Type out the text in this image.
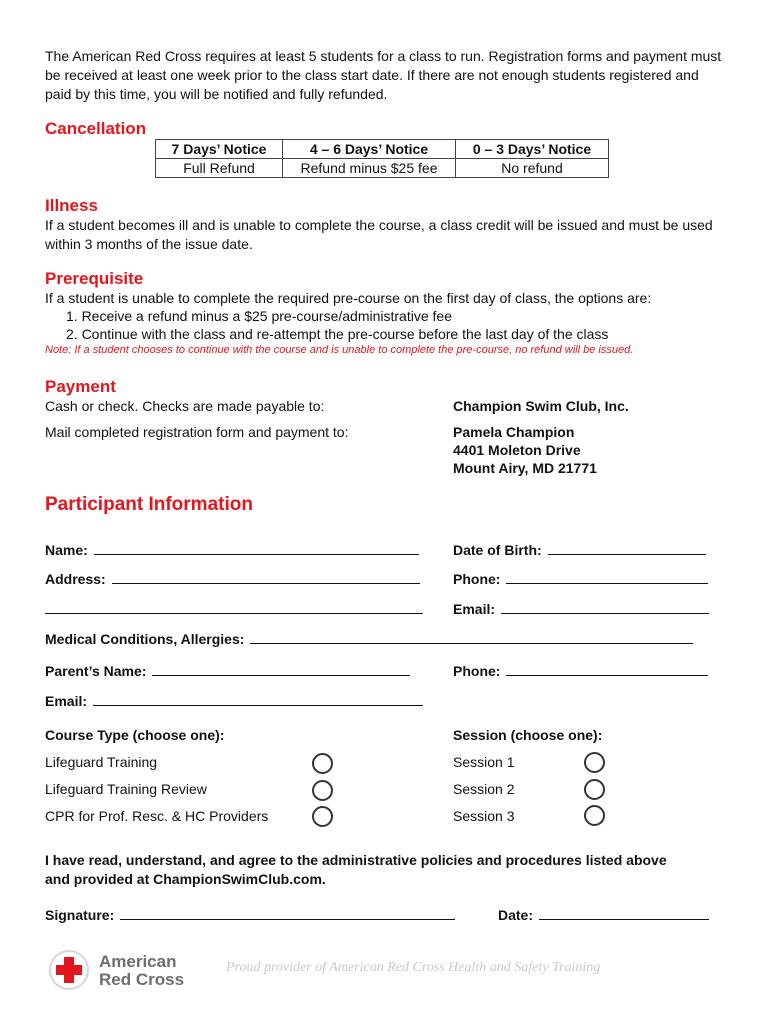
The American Red Cross requires at least 5 students for a class to run. Registration forms and payment must be received at least one week prior to the class start date. If there are not enough students registered and paid by this time, you will be notified and fully refunded.

Cancellation
7 Days’ Notice	4 – 6 Days’ Notice	0 – 3 Days’ Notice
Full Refund	Refund minus $25 fee	No refund
Illness

If a student becomes ill and is unable to complete the course, a class credit will be issued and must be used within 3 months of the issue date.

Prerequisite
If a student is unable to complete the required pre-course on the first day of class, the options are:
1. Receive a refund minus a $25 pre-course/administrative fee
2. Continue with the class and re-attempt the pre-course before the last day of the class
Note: If a student chooses to continue with the course and is unable to complete the pre-course, no refund will be issued.
Payment
Cash or check. Checks are made payable to:	Champion Swim Club, Inc.
Mail completed registration form and payment to:	Pamela Champion
4401 Moleton Drive
Mount Airy, MD 21771
Participant Information
Name:	Date of Birth:
Address:	Phone:
Email:
Medical Conditions, Allergies:
Parent’s Name:	Phone:
Email:
Course Type (choose one):
Lifeguard Training
Lifeguard Training Review
CPR for Prof. Resc. & HC Providers
Session (choose one):
Session 1
Session 2
Session 3
I have read, understand, and agree to the administrative policies and procedures listed above
and provided at ChampionSwimClub.com.
Signature:	Date:
American
Red Cross
Proud provider of American Red Cross Health and Safety Training
